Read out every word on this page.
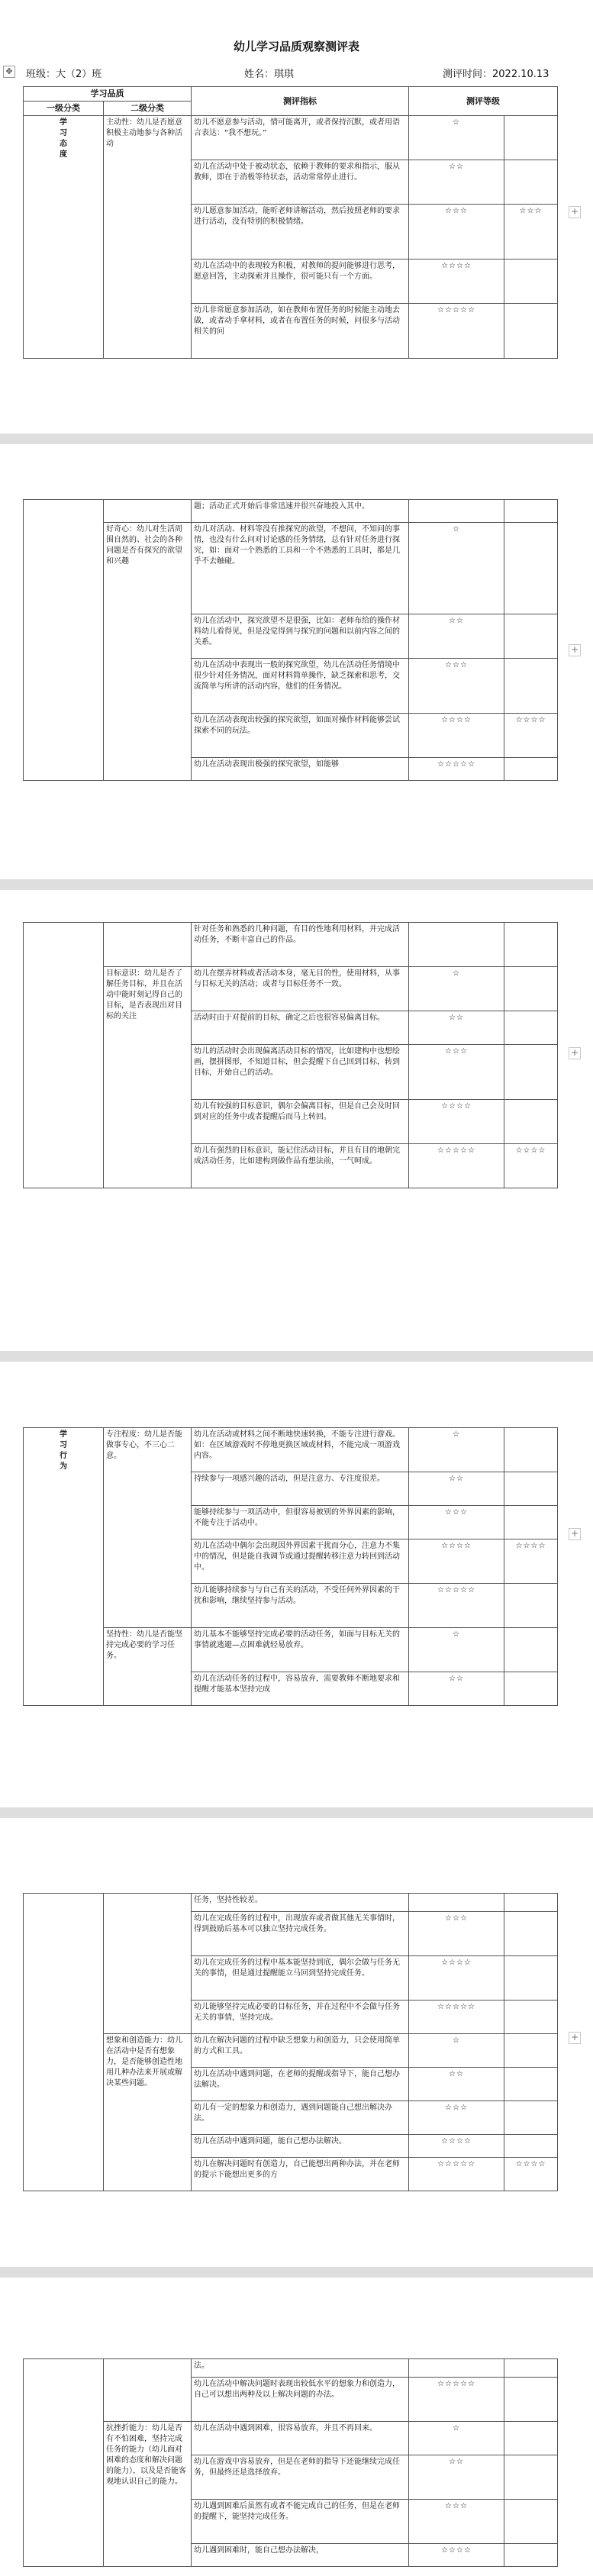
幼儿学习品质观察测评表
✥ 班级：大（2）班	姓名：琪琪	测评时间：2022.10.13
学习品质		测评指标	测评等级	
一级分类	二级分类			
学
习
态
度	主动性：幼儿是否愿意积极主动地参与各种活动	幼儿不愿意参与活动，情可能离开，或者保持沉默，或者用语言表达：“我不想玩。”	☆	
		幼儿在活动中处于被动状态，依赖于教师的要求和指示，服从教师，即在于消极等待状态，活动常常停止进行。	☆☆	
		幼儿愿意参加活动，能听老师讲解活动，然后按照老师的要求进行活动，没有特别的积极情绪。	☆☆☆	☆☆☆
		幼儿在活动中的表现较为积极，对教师的提问能够进行思考，愿意回答，主动探索并且操作，很可能只有一个方面。	☆☆☆☆	
		幼儿非常愿意参加活动，如在教师布置任务的时候能主动地去做，或者动手拿材料，或者在布置任务的时候，问很多与活动相关的问	☆☆☆☆☆	
+
		题；活动正式开始后非常迅速并很兴奋地投入其中。		
	好奇心：幼儿对生活周围自然的、社会的各种问题是否有探究的欲望和兴趣	幼儿对活动、材料等没有推探究的欲望，不想问，不知问的事情，也没有什么问对讨论感的任务情绪，总有针对任务进行探究，如：面对一个熟悉的工具和一个不熟悉的工具时，都是几乎不去触碰。	☆	
		幼儿在活动中，探究欲望不是很强，比如：老师布给的操作材料幼儿看得见，但是没觉得到与探究的问题和以前内容之间的关系。	☆☆	
		幼儿在活动中表现出一般的探究欲望，幼儿在活动任务情境中很少针对任务情况，面对材料简单操作，缺乏探索和思考，交流简单与所讲的活动内容，他们的任务情况。	☆☆☆	
		幼儿在活动表现出较强的探究欲望，如面对操作材料能够尝试探索不同的玩法。	☆☆☆☆	☆☆☆☆
		幼儿在活动表现出极强的探究欲望，如能够	☆☆☆☆☆	
+
		针对任务和熟悉的几种问题，有目的性地利用材料，并完成活动任务，不断丰富自己的作品。		
	目标意识：幼儿是否了解任务目标，并且在活动中能时刻记得自己的目标，是否表现出对目标的关注	幼儿在摆弄材料或者活动本身，毫无目的性，使用材料，从事与目标无关的活动；或者与目标任务不一致。	☆	
		活动时由于对提前的目标，确定之后也很容易偏离目标。	☆☆	
		幼儿的活动时会出现偏离活动目标的情况，比如建构中也想绘画，摆拼图形，不知道目标，但会提醒下自己回到目标，转到目标，开始自己的活动。	☆☆☆	
		幼儿有较强的目标意识，偶尔会偏离目标，但是自己会及时回到对应的任务中或者提醒后而马上转回。	☆☆☆☆	
		幼儿有强烈的目标意识，能记住活动目标，并且有目的地朝完成活动任务，比如建构到做作品有想法前，一气呵成。	☆☆☆☆☆	☆☆☆☆
+
学
习
行
为	专注程度：幼儿是否能做事专心，不三心二意。	幼儿在活动或材料之间不断地快速转换，不能专注进行游戏。如：在区域游戏时不停地更换区域或材料，不能完成一项游戏内容。	☆	
		持续参与一项感兴趣的活动，但是注意力、专注度很差。	☆☆	
		能够持续参与一项活动中，但很容易被别的外界因素的影响，不能专注于活动中。	☆☆☆	
		幼儿在活动中偶尔会出现因外界因素干扰而分心，注意力不集中的情况，但是能自我调节或通过提醒转移注意力转回到活动中。	☆☆☆☆	☆☆☆☆
		幼儿能够持续参与与自己有关的活动，不受任何外界因素的干扰和影响，继续坚持参与活动。	☆☆☆☆☆	
	坚持性：幼儿是否能坚持完成必要的学习任务。	幼儿基本不能够坚持完成必要的活动任务，如面与目标无关的事情就逃避—点困难就轻易放弃。	☆	
		幼儿在活动任务的过程中，容易放弃，需要教师不断地要求和提醒才能基本坚持完成	☆☆	
+
		任务，坚持性较差。		
		幼儿在完成任务的过程中，出现放弃或者做其他无关事情时，得到鼓励后基本可以独立坚持完成任务。	☆☆☆	
		幼儿在完成任务的过程中基本能坚持到底，偶尔会做与任务无关的事情，但是通过提醒能立马回到坚持完成任务。	☆☆☆☆	
		幼儿能够坚持完成必要的目标任务，并在过程中不会做与任务无关的事情，坚持完成。	☆☆☆☆☆	
	想象和创造能力：幼儿在活动中是否有想象力，是否能够创造性地用几种办法来开展或解决某些问题。	幼儿在解决问题的过程中缺乏想象力和创造力，只会使用简单的方式和工具。	☆	
		幼儿在活动中遇到问题，在老师的提醒或指导下，能自己想办法解决。	☆☆	
		幼儿有一定的想象力和创造力，遇到问题能自己想出解决办法。	☆☆☆	
		幼儿在活动中遇到问题，能自己想办法解决。	☆☆☆☆	
		幼儿在解决问题时有创造力，自己能想出两种办法，并在老师的提示下能想出更多的方	☆☆☆☆☆	☆☆☆☆
+
		法。		
		幼儿在活动中解决问题时表现出较低水平的想象力和创造力，自己可以想出两种及以上解决问题的办法。	☆☆☆☆☆	
	抗挫折能力：幼儿是否有不怕困难，坚持完成任务的能力（幼儿面对困难的态度和解决问题的能力），以及是否能客观地认识自己的能力。	幼儿在活动中遇到困难，很容易放弃，并且不再回来。	☆	
		幼儿在游戏中容易放弃，但是在老师的指导下还能继续完成任务，但最终还是选择放弃。	☆☆	
		幼儿遇到困难后虽然有或者不能完成自己的任务，但是在老师的提醒下，能坚持完成任务。	☆☆☆	
		幼儿遇到困难时，能自己想办法解决，	☆☆☆☆	
